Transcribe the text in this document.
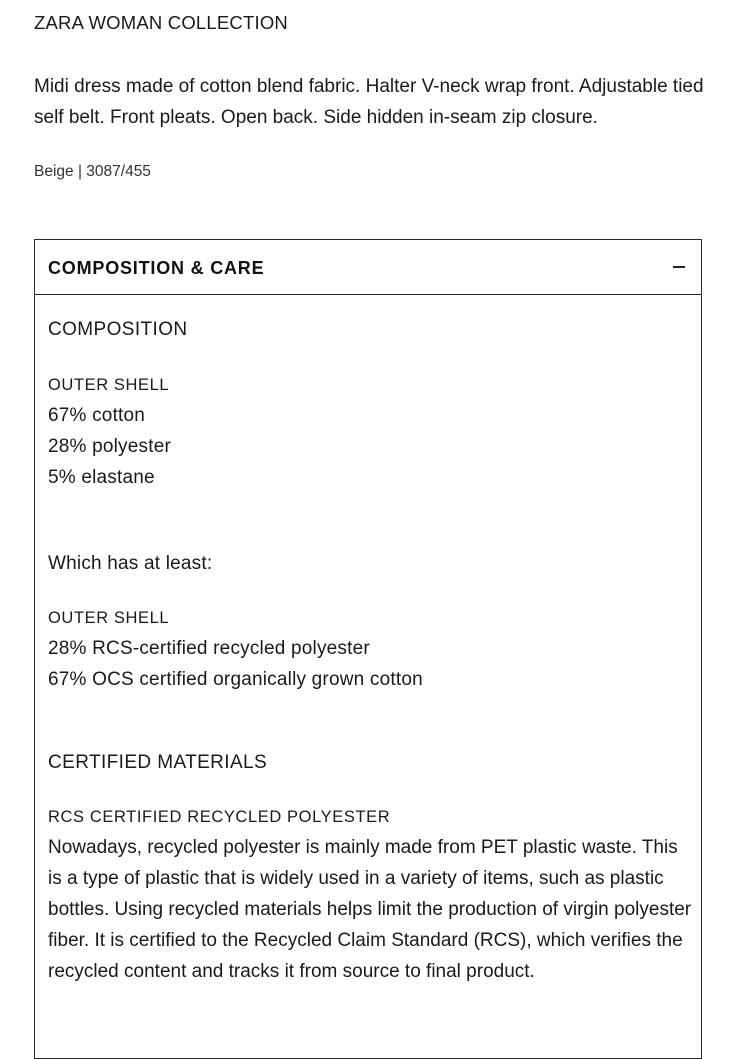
ZARA WOMAN COLLECTION
Midi dress made of cotton blend fabric. Halter V-neck wrap front. Adjustable tied self belt. Front pleats. Open back. Side hidden in-seam zip closure.
Beige | 3087/455
COMPOSITION & CARE
COMPOSITION
OUTER SHELL
67% cotton
28% polyester
5% elastane
Which has at least:
OUTER SHELL
28% RCS-certified recycled polyester
67% OCS certified organically grown cotton
CERTIFIED MATERIALS
RCS CERTIFIED RECYCLED POLYESTER
Nowadays, recycled polyester is mainly made from PET plastic waste. This is a type of plastic that is widely used in a variety of items, such as plastic bottles. Using recycled materials helps limit the production of virgin polyester fiber. It is certified to the Recycled Claim Standard (RCS), which verifies the recycled content and tracks it from source to final product.
